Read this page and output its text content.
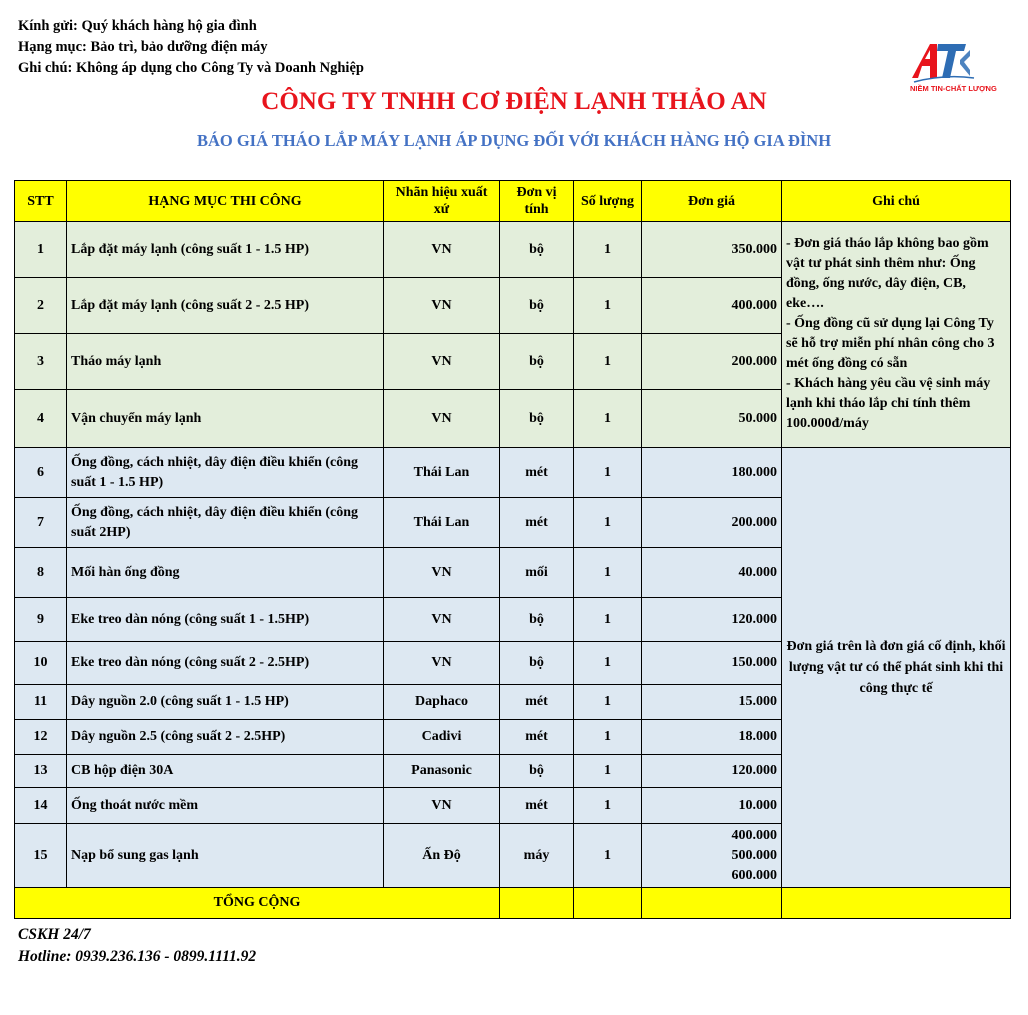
Kính gửi: Quý khách hàng hộ gia đình
Hạng mục: Bảo trì, bảo dưỡng điện máy
Ghi chú: Không áp dụng cho Công Ty và Doanh Nghiệp
NIỀM TIN-CHẤT LƯỢNG
CÔNG TY TNHH CƠ ĐIỆN LẠNH THẢO AN
BÁO GIÁ THÁO LẮP MÁY LẠNH ÁP DỤNG ĐỐI VỚI KHÁCH HÀNG HỘ GIA ĐÌNH
STT	HẠNG MỤC THI CÔNG	Nhãn hiệu xuất xứ	Đơn vị tính	Số lượng	Đơn giá	Ghi chú
1	Lắp đặt máy lạnh (công suất 1 - 1.5 HP)	VN	bộ	1	350.000	- Đơn giá tháo lắp không bao gồm vật tư phát sinh thêm như: Ống đồng, ống nước, dây điện, CB, eke….
- Ống đồng cũ sử dụng lại Công Ty sẽ hỗ trợ miễn phí nhân công cho 3 mét ống đồng có sẵn
- Khách hàng yêu cầu vệ sinh máy lạnh khi tháo lắp chỉ tính thêm 100.000đ/máy

2	Lắp đặt máy lạnh (công suất 2 - 2.5 HP)	VN	bộ	1	400.000	
3	Tháo máy lạnh	VN	bộ	1	200.000	
4	Vận chuyển máy lạnh	VN	bộ	1	50.000	
6	Ống đồng, cách nhiệt, dây điện điều khiển (công suất 1 - 1.5 HP)	Thái Lan	mét	1	180.000	Đơn giá trên là đơn giá cố định, khối lượng vật tư có thể phát sinh khi thi công thực tế
7	Ống đồng, cách nhiệt, dây điện điều khiển (công suất 2HP)	Thái Lan	mét	1	200.000	
8	Mối hàn ống đồng	VN	mối	1	40.000	
9	Eke treo dàn nóng (công suất 1 - 1.5HP)	VN	bộ	1	120.000	
10	Eke treo dàn nóng (công suất 2 - 2.5HP)	VN	bộ	1	150.000	
11	Dây nguồn 2.0 (công suất 1 - 1.5 HP)	Daphaco	mét	1	15.000	
12	Dây nguồn 2.5 (công suất 2 - 2.5HP)	Cadivi	mét	1	18.000	
13	CB hộp điện 30A	Panasonic	bộ	1	120.000	
14	Ống thoát nước mềm	VN	mét	1	10.000	
15	Nạp bổ sung gas lạnh	Ấn Độ	máy	1	400.000
500.000
600.000	

TỔNG CỘNG						
CSKH 24/7
Hotline: 0939.236.136 - 0899.1111.92
